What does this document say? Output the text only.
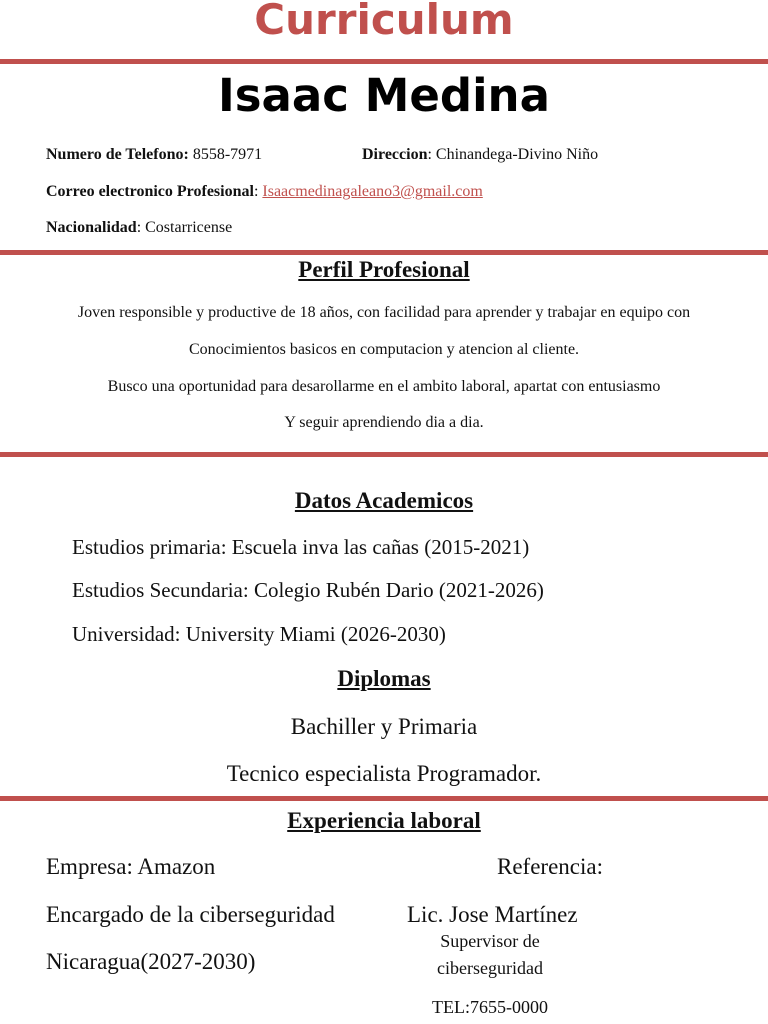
Curriculum
Isaac Medina
Numero de Telefono: 8558-7971	Direccion: Chinandega-Divino Niño
Correo electronico Profesional: Isaacmedinagaleano3@gmail.com
Nacionalidad: Costarricense
Perfil Profesional
Joven responsible y productive de 18 años, con facilidad para aprender y trabajar en equipo con
Conocimientos basicos en computacion y atencion al cliente.
Busco una oportunidad para desarollarme en el ambito laboral, apartat con entusiasmo
Y seguir aprendiendo dia a dia.
Datos Academicos
Estudios primaria: Escuela inva las cañas (2015-2021)
Estudios Secundaria: Colegio Rubén Dario (2021-2026)
Universidad: University Miami (2026-2030)
Diplomas
Bachiller y Primaria
Tecnico especialista Programador.
Experiencia laboral
Empresa: Amazon
Encargado de la ciberseguridad
Nicaragua(2027-2030)
Referencia:
Lic. Jose Martínez
Supervisor de
ciberseguridad
TEL:7655-0000
